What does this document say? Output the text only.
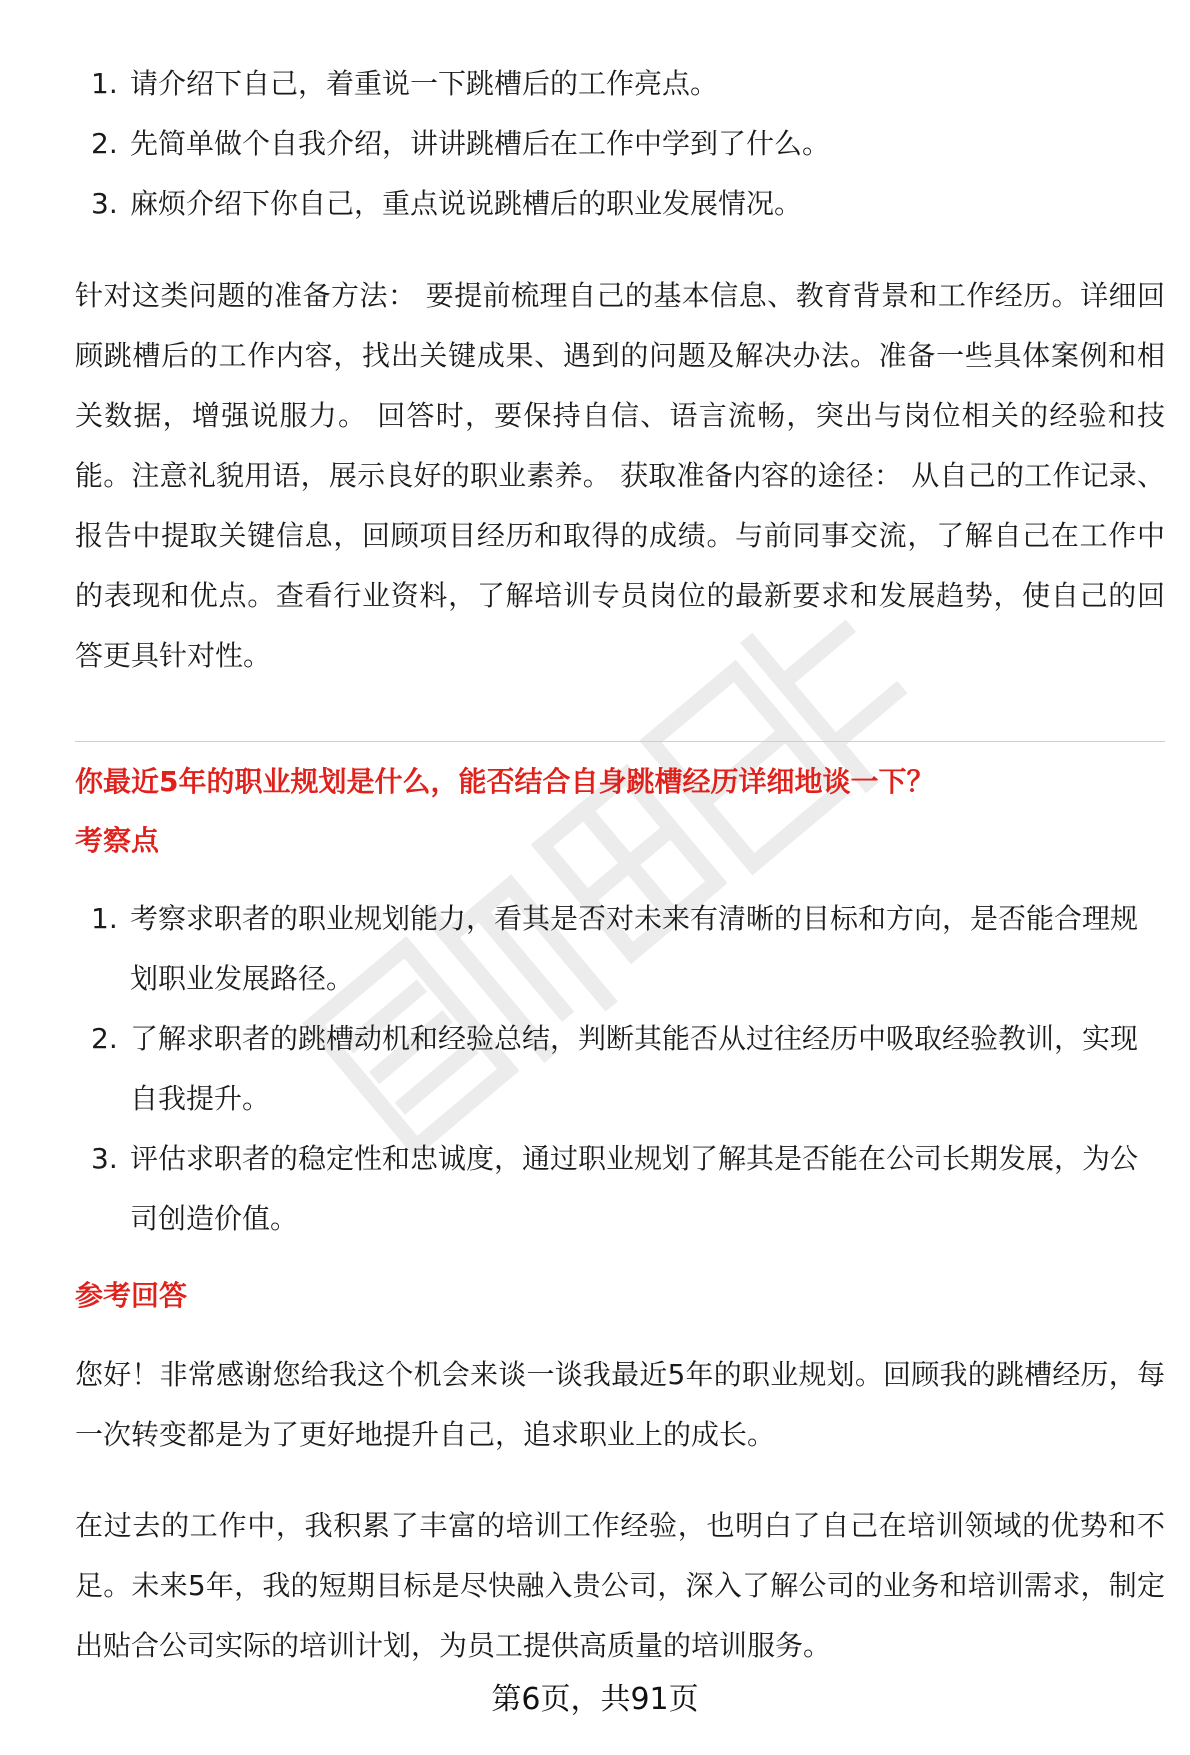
1. 请介绍下自己，着重说一下跳槽后的工作亮点。
2. 先简单做个自我介绍，讲讲跳槽后在工作中学到了什么。
3. 麻烦介绍下你自己，重点说说跳槽后的职业发展情况。

针对这类问题的准备方法： 要提前梳理自己的基本信息、教育背景和工作经历。详细回顾跳槽后的工作内容，找出关键成果、遇到的问题及解决办法。准备一些具体案例和相关数据，增强说服力。 回答时，要保持自信、语言流畅，突出与岗位相关的经验和技能。注意礼貌用语，展示良好的职业素养。 获取准备内容的途径： 从自己的工作记录、报告中提取关键信息，回顾项目经历和取得的成绩。与前同事交流，了解自己在工作中的表现和优点。查看行业资料，了解培训专员岗位的最新要求和发展趋势，使自己的回答更具针对性。

你最近5年的职业规划是什么，能否结合自身跳槽经历详细地谈一下？

考察点

1. 考察求职者的职业规划能力，看其是否对未来有清晰的目标和方向，是否能合理规划职业发展路径。
2. 了解求职者的跳槽动机和经验总结，判断其能否从过往经历中吸取经验教训，实现自我提升。
3. 评估求职者的稳定性和忠诚度，通过职业规划了解其是否能在公司长期发展，为公司创造价值。

参考回答

您好！非常感谢您给我这个机会来谈一谈我最近5年的职业规划。回顾我的跳槽经历，每一次转变都是为了更好地提升自己，追求职业上的成长。

在过去的工作中，我积累了丰富的培训工作经验，也明白了自己在培训领域的优势和不足。未来5年，我的短期目标是尽快融入贵公司，深入了解公司的业务和培训需求，制定出贴合公司实际的培训计划，为员工提供高质量的培训服务。

第6页，共91页
